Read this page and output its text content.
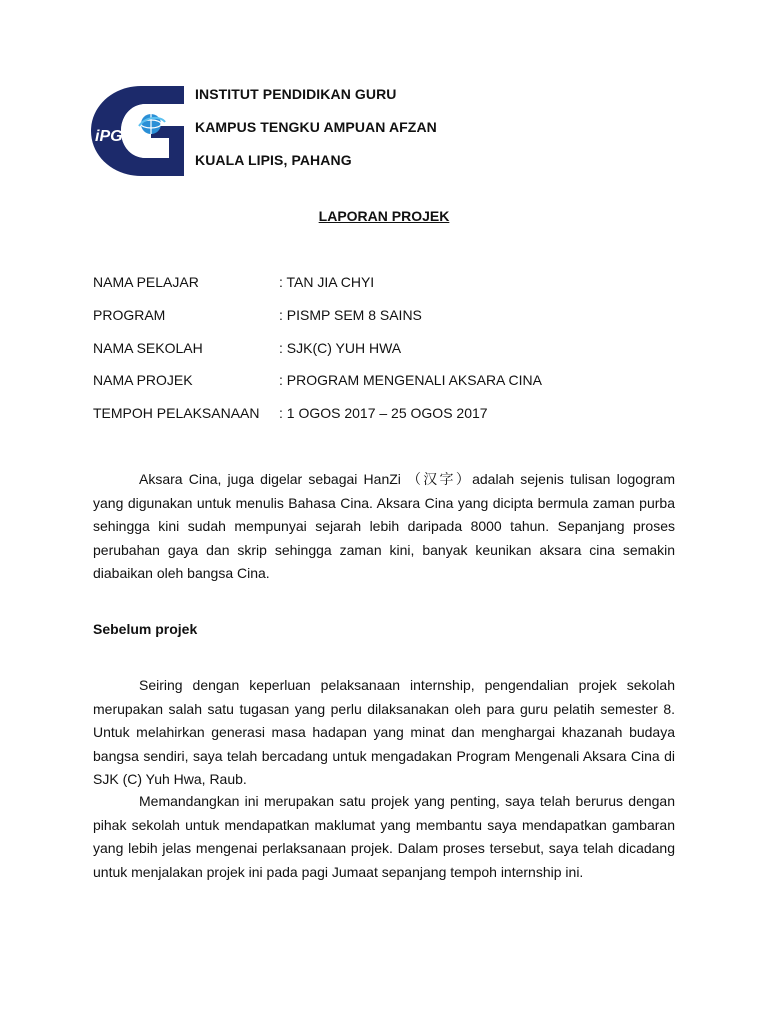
iPG
INSTITUT PENDIDIKAN GURU
KAMPUS TENGKU AMPUAN AFZAN
KUALA LIPIS, PAHANG
LAPORAN PROJEK
NAMA PELAJAR	: TAN JIA CHYI
PROGRAM	: PISMP SEM 8 SAINS
NAMA SEKOLAH	: SJK(C) YUH HWA
NAMA PROJEK	: PROGRAM MENGENALI AKSARA CINA
TEMPOH PELAKSANAAN : 1 OGOS 2017 – 25 OGOS 2017
Aksara Cina, juga digelar sebagai HanZi （汉字）adalah sejenis tulisan logogram yang digunakan untuk menulis Bahasa Cina. Aksara Cina yang dicipta bermula zaman purba sehingga kini sudah mempunyai sejarah lebih daripada 8000 tahun. Sepanjang proses perubahan gaya dan skrip sehingga zaman kini, banyak keunikan aksara cina semakin diabaikan oleh bangsa Cina.
Sebelum projek
Seiring dengan keperluan pelaksanaan internship, pengendalian projek sekolah merupakan salah satu tugasan yang perlu dilaksanakan oleh para guru pelatih semester 8. Untuk melahirkan generasi masa hadapan yang minat dan menghargai khazanah budaya bangsa sendiri, saya telah bercadang untuk mengadakan Program Mengenali Aksara Cina di SJK (C) Yuh Hwa, Raub.
Memandangkan ini merupakan satu projek yang penting, saya telah berurus dengan pihak sekolah untuk mendapatkan maklumat yang membantu saya mendapatkan gambaran yang lebih jelas mengenai perlaksanaan projek. Dalam proses tersebut, saya telah dicadang untuk menjalakan projek ini pada pagi Jumaat sepanjang tempoh internship ini.
